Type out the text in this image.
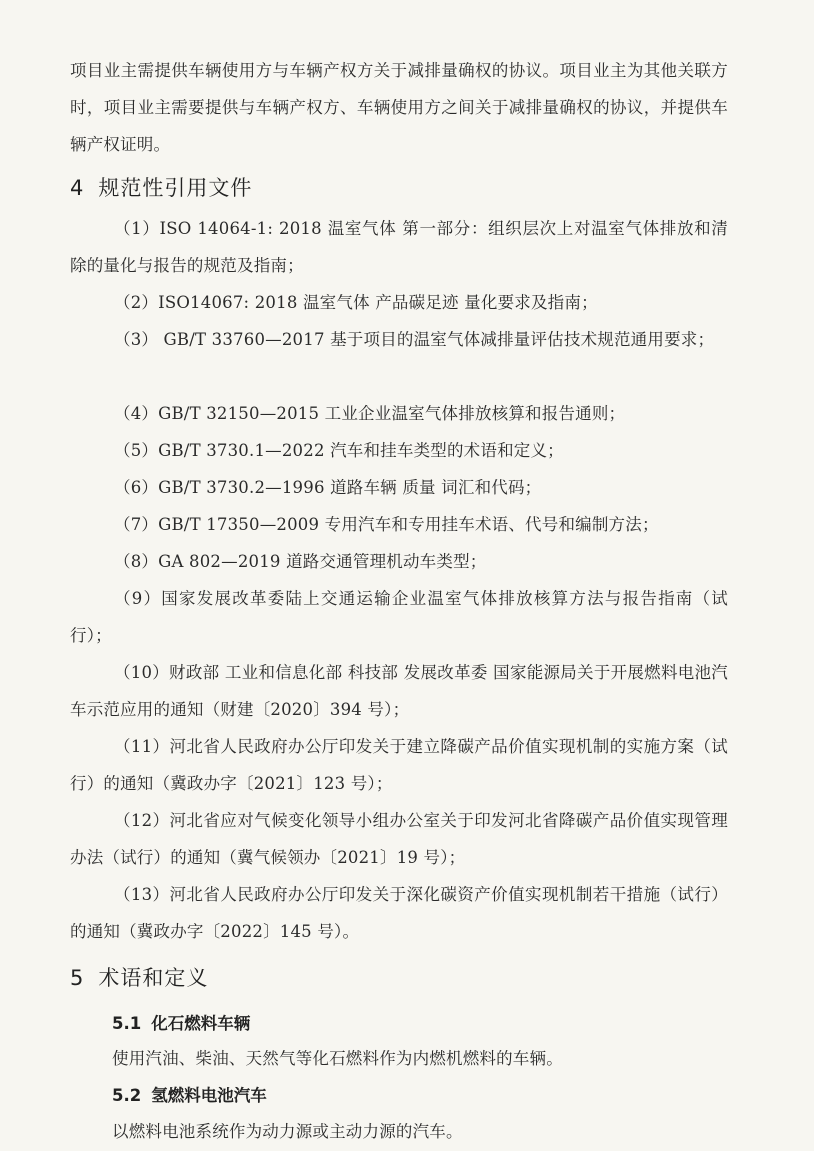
项目业主需提供车辆使用方与车辆产权方关于减排量确权的协议。项目业主为其他关联方时，项目业主需要提供与车辆产权方、车辆使用方之间关于减排量确权的协议，并提供车辆产权证明。

4 规范性引用文件

（1）ISO 14064-1: 2018 温室气体 第一部分：组织层次上对温室气体排放和清除的量化与报告的规范及指南；

（2）ISO14067: 2018 温室气体 产品碳足迹 量化要求及指南；

（3） GB/T 33760—2017 基于项目的温室气体减排量评估技术规范通用要求；

（4）GB/T 32150—2015 工业企业温室气体排放核算和报告通则；

（5）GB/T 3730.1—2022 汽车和挂车类型的术语和定义；

（6）GB/T 3730.2—1996 道路车辆 质量 词汇和代码；

（7）GB/T 17350—2009 专用汽车和专用挂车术语、代号和编制方法；

（8）GA 802—2019 道路交通管理机动车类型；

（9）国家发展改革委陆上交通运输企业温室气体排放核算方法与报告指南（试行）；

（10）财政部 工业和信息化部 科技部 发展改革委 国家能源局关于开展燃料电池汽车示范应用的通知（财建〔2020〕394 号）；

（11）河北省人民政府办公厅印发关于建立降碳产品价值实现机制的实施方案（试行）的通知（冀政办字〔2021〕123 号）；

（12）河北省应对气候变化领导小组办公室关于印发河北省降碳产品价值实现管理办法（试行）的通知（冀气候领办〔2021〕19 号）；

（13）河北省人民政府办公厅印发关于深化碳资产价值实现机制若干措施（试行）的通知（冀政办字〔2022〕145 号）。

5 术语和定义
5.1 化石燃料车辆

使用汽油、柴油、天然气等化石燃料作为内燃机燃料的车辆。

5.2 氢燃料电池汽车

以燃料电池系统作为动力源或主动力源的汽车。
